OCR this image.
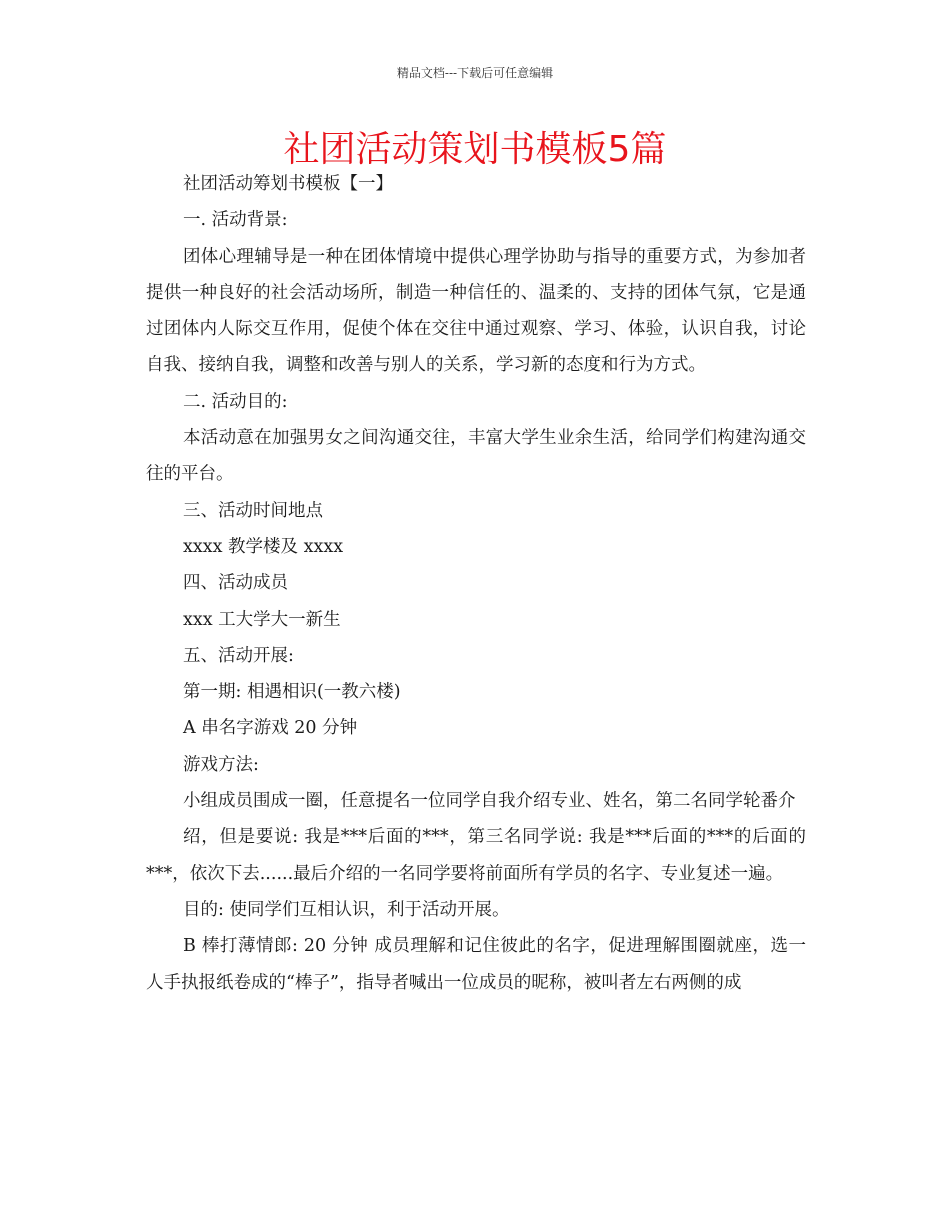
精品文档---下载后可任意编辑
社团活动策划书模板5篇

社团活动筹划书模板【一】

一. 活动背景:

团体心理辅导是一种在团体情境中提供心理学协助与指导的重要方式，为参加者提供一种良好的社会活动场所，制造一种信任的、温柔的、支持的团体气氛，它是通过团体内人际交互作用，促使个体在交往中通过观察、学习、体验，认识自我，讨论自我、接纳自我，调整和改善与别人的关系，学习新的态度和行为方式。

二. 活动目的:

本活动意在加强男女之间沟通交往，丰富大学生业余生活，给同学们构建沟通交往的平台。

三、活动时间地点

xxxx 教学楼及 xxxx

四、活动成员

xxx 工大学大一新生

五、活动开展:

第一期: 相遇相识(一教六楼)

A 串名字游戏 20 分钟

游戏方法:

小组成员围成一圈，任意提名一位同学自我介绍专业、姓名，第二名同学轮番介

绍，但是要说: 我是***后面的***，第三名同学说: 我是***后面的***的后面的***，依次下去......最后介绍的一名同学要将前面所有学员的名字、专业复述一遍。

目的: 使同学们互相认识，利于活动开展。

B 棒打薄情郎: 20 分钟 成员理解和记住彼此的名字，促进理解围圈就座，选一人手执报纸卷成的“棒子”，指导者喊出一位成员的昵称，被叫者左右两侧的成
